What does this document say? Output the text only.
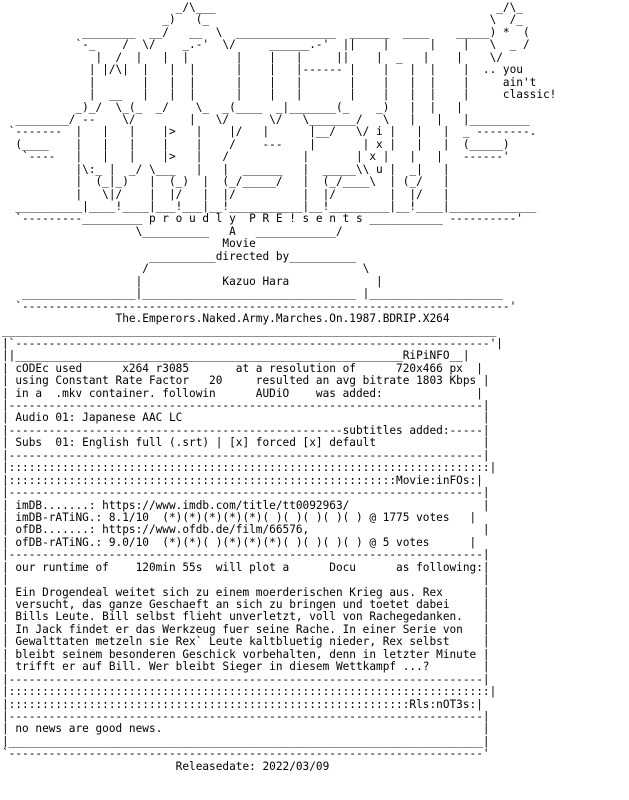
_/\___                                          _/\_
_)   (_                                          \  /_
________  __/   __  \  _______________  ______  ____    _____) *  (
`-_    /  \/    _.-'  \/     ______.-'  ||    |      |    |   \  _ /
|  /  |   |  |       |    |   |     ||    |  _   |    |    \/
| |/\|  |   |  |      |    |   |------ |    |   |  |    |  .. you
|       |   |  |      |    |   |       |    |   |  |    |     ain't
|  __   |   |  |      |    |   |       |    |   |  |    |     classic!
_)_/  \_(_  _/    \_  _(____  _|_______(_    _)   |  |   |
________/ --    \/        |   \/      \/   \_______/   \   |   |   |_________
`-------  |   |   |    |>   |    |/   |      |__/   \/ i |   |   |  _ --------.
(____    |   |   |    |    |    /    ---    |       | x |   |   |  (_____)
`----   |   |   |    |>   |   /           |       | x |   |   |   ------'
|\:_ |  _/ \___   |   |  ______   |  _____\\ u |  _|   |
|  (_|_)   |  (_)  |  (_/_____/   |  (_/____\  | (_/   |
|   \|/    |  |/   |  |/          |  |/        |  |/   |
__________|____!____|___!___|__!___________|__!_________|__!____|_____________
`---------_________ p r o u d l y  P R E ! s e n t s ___________ ----------'
\__________   A   ____________/
Movie
__________directed by__________
/                                \
|            Kazuo Hara             |
_________________|________________________________ |____________________
`-------------------------------------------------------------------------'
The.Emperors.Naked.Army.Marches.On.1987.BDRIP.X264
__________________________________________________________________________
|`-----------------------------------------------------------------------'|
||__________________________________________________________RiPiNFO__|
| cODEc used      x264 r3085       at a resolution of      720x466 px  |
| using Constant Rate Factor   20     resulted an avg bitrate 1803 Kbps |
| in a  .mkv container. followin      AUDiO    was added:              |
|-----------------------------------------------------------------------|
| Audio 01: Japanese AAC LC                                             |
|--------------------------------------------------subtitles added:-----|
| Subs  01: English full (.srt) | [x] forced [x] default                |
|-----------------------------------------------------------------------|
|::::::::::::::::::::::::::::::::::::::::::::::::::::::::::::::::::::::::|
|::::::::::::::::::::::::::::::::::::::::::::::::::::::::::Movie:inFOs:|
|-----------------------------------------------------------------------|
| imDB.......: https://www.imdb.com/title/tt0092963/                    |
| imDB-rATiNG.: 8.1/10  (*)(*)(*)(*)(*)( )( )( )( )( ) @ 1775 votes   |
| ofDB.......: https://www.ofdb.de/film/66576,                          |
| ofDB-rATiNG.: 9.0/10  (*)(*)( )(*)(*)(*)( )( )( )( ) @ 5 votes      |
|-----------------------------------------------------------------------|
| our runtime of    120min 55s  will plot a      Docu      as following:|
|                                                                       |
| Ein Drogendeal weitet sich zu einem moerderischen Krieg aus. Rex      |
| versucht, das ganze Geschaeft an sich zu bringen und toetet dabei     |
| Bills Leute. Bill selbst flieht unverletzt, voll von Rachegedanken.   |
| In Jack findet er das Werkzeug fuer seine Rache. In einer Serie von   |
| Gewalttaten metzeln sie Rex` Leute kaltbluetig nieder, Rex selbst     |
| bleibt seinem besonderen Geschick vorbehalten, denn in letzter Minute |
| trifft er auf Bill. Wer bleibt Sieger in diesem Wettkampf ...?        |
|-----------------------------------------------------------------------|
|::::::::::::::::::::::::::::::::::::::::::::::::::::::::::::::::::::::::|
|::::::::::::::::::::::::::::::::::::::::::::::::::::::::::::Rls:nOT3s:|
|-----------------------------------------------------------------------|
| no news are good news.                                                |
|_______________________________________________________________________|
`-----------------------------------------------------------------------'
Releasedate: 2022/03/09
